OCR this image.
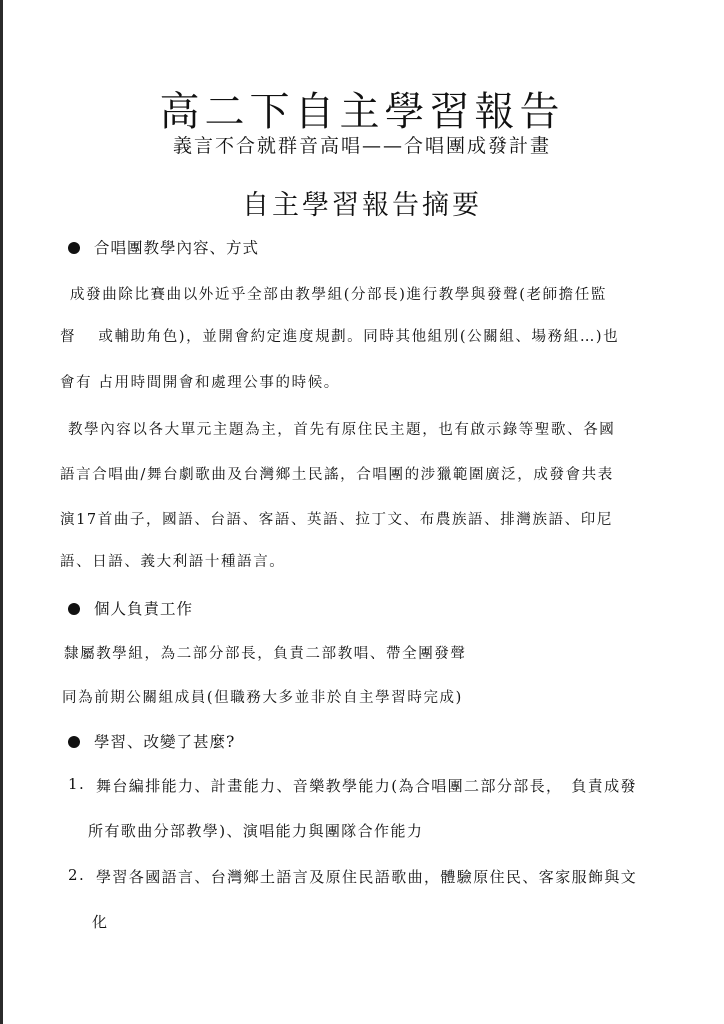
高二下自主學習報告
義言不合就群音高唱——合唱團成發計畫
自主學習報告摘要
合唱團教學內容、方式
成發曲除比賽曲以外近乎全部由教學組(分部長)進行教學與發聲(老師擔任監
督　 或輔助角色)，並開會約定進度規劃。同時其他組別(公關組、場務組…)也
會有 占用時間開會和處理公事的時候。
教學內容以各大單元主題為主，首先有原住民主題，也有啟示錄等聖歌、各國
語言合唱曲/舞台劇歌曲及台灣鄉土民謠，合唱團的涉獵範圍廣泛，成發會共表
演17首曲子，國語、台語、客語、英語、拉丁文、布農族語、排灣族語、印尼
語、日語、義大利語十種語言。
個人負責工作
隸屬教學組，為二部分部長，負責二部教唱、帶全團發聲
同為前期公關組成員(但職務大多並非於自主學習時完成)
學習、改變了甚麼?
1. 舞台編排能力、計畫能力、音樂教學能力(為合唱團二部分部長，　負責成發
所有歌曲分部教學)、演唱能力與團隊合作能力
2. 學習各國語言、台灣鄉土語言及原住民語歌曲，體驗原住民、客家服飾與文
化
